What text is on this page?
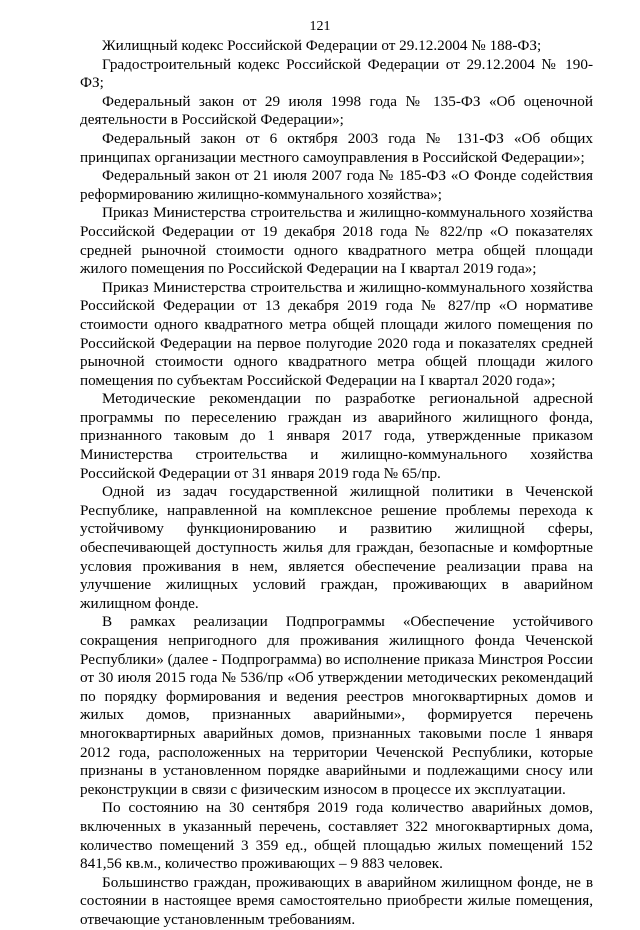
121

Жилищный кодекс Российской Федерации от 29.12.2004 № 188-ФЗ;

Градостроительный кодекс Российской Федерации от 29.12.2004 № 190-ФЗ;

Федеральный закон от 29 июля 1998 года № 135-ФЗ «Об оценочной деятельности в Российской Федерации»;

Федеральный закон от 6 октября 2003 года № 131-ФЗ «Об общих принципах организации местного самоуправления в Российской Федерации»;

Федеральный закон от 21 июля 2007 года № 185-ФЗ «О Фонде содействия реформированию жилищно-коммунального хозяйства»;

Приказ Министерства строительства и жилищно-коммунального хозяйства Российской Федерации от 19 декабря 2018 года № 822/пр «О показателях средней рыночной стоимости одного квадратного метра общей площади жилого помещения по Российской Федерации на I квартал 2019 года»;

Приказ Министерства строительства и жилищно-коммунального хозяйства Российской Федерации от 13 декабря 2019 года № 827/пр «О нормативе стоимости одного квадратного метра общей площади жилого помещения по Российской Федерации на первое полугодие 2020 года и показателях средней рыночной стоимости одного квадратного метра общей площади жилого помещения по субъектам Российской Федерации на I квартал 2020 года»;

Методические рекомендации по разработке региональной адресной программы по переселению граждан из аварийного жилищного фонда, признанного таковым до 1 января 2017 года, утвержденные приказом Министерства строительства и жилищно-коммунального хозяйства Российской Федерации от 31 января 2019 года № 65/пр.

Одной из задач государственной жилищной политики в Чеченской Республике, направленной на комплексное решение проблемы перехода к устойчивому функционированию и развитию жилищной сферы, обеспечивающей доступность жилья для граждан, безопасные и комфортные условия проживания в нем, является обеспечение реализации права на улучшение жилищных условий граждан, проживающих в аварийном жилищном фонде.

В рамках реализации Подпрограммы «Обеспечение устойчивого сокращения непригодного для проживания жилищного фонда Чеченской Республики» (далее - Подпрограмма) во исполнение приказа Минстроя России от 30 июля 2015 года № 536/пр «Об утверждении методических рекомендаций по порядку формирования и ведения реестров многоквартирных домов и жилых домов, признанных аварийными», формируется перечень многоквартирных аварийных домов, признанных таковыми после 1 января 2012 года, расположенных на территории Чеченской Республики, которые признаны в установленном порядке аварийными и подлежащими сносу или реконструкции в связи с физическим износом в процессе их эксплуатации.

По состоянию на 30 сентября 2019 года количество аварийных домов, включенных в указанный перечень, составляет 322 многоквартирных дома, количество помещений 3 359 ед., общей площадью жилых помещений 152 841,56 кв.м., количество проживающих – 9 883 человек.

Большинство граждан, проживающих в аварийном жилищном фонде, не в состоянии в настоящее время самостоятельно приобрести жилые помещения, отвечающие установленным требованиям.
